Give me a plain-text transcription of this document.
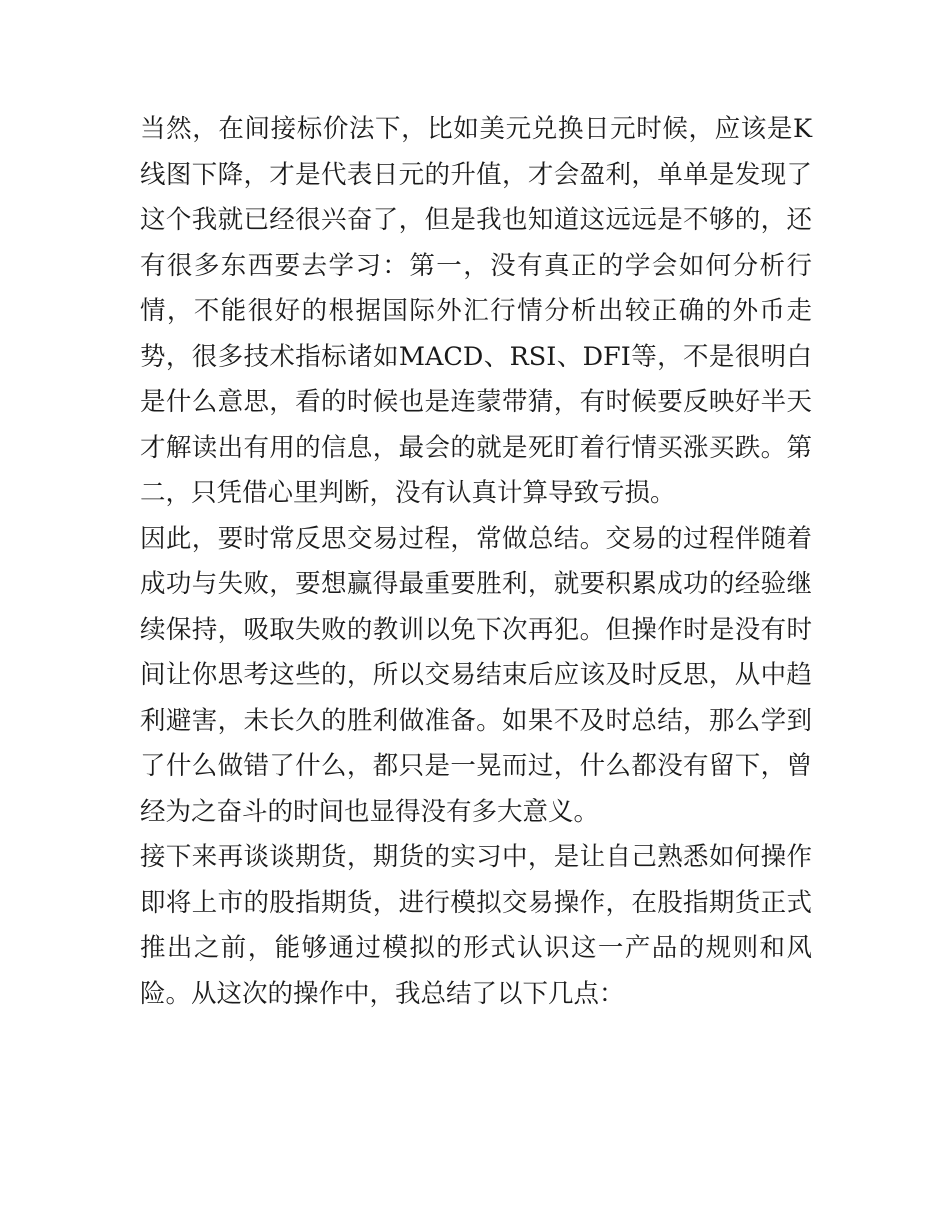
当然，在间接标价法下，比如美元兑换日元时候，应该是K线图下降，才是代表日元的升值，才会盈利，单单是发现了这个我就已经很兴奋了，但是我也知道这远远是不够的，还有很多东西要去学习：第一，没有真正的学会如何分析行情，不能很好的根据国际外汇行情分析出较正确的外币走势，很多技术指标诸如MACD、RSI、DFI等，不是很明白是什么意思，看的时候也是连蒙带猜，有时候要反映好半天才解读出有用的信息，最会的就是死盯着行情买涨买跌。第二，只凭借心里判断，没有认真计算导致亏损。

因此，要时常反思交易过程，常做总结。交易的过程伴随着成功与失败，要想赢得最重要胜利，就要积累成功的经验继续保持，吸取失败的教训以免下次再犯。但操作时是没有时间让你思考这些的，所以交易结束后应该及时反思，从中趋利避害，未长久的胜利做准备。如果不及时总结，那么学到了什么做错了什么，都只是一晃而过，什么都没有留下，曾经为之奋斗的时间也显得没有多大意义。

接下来再谈谈期货，期货的实习中，是让自己熟悉如何操作即将上市的股指期货，进行模拟交易操作，在股指期货正式推出之前，能够通过模拟的形式认识这一产品的规则和风险。从这次的操作中，我总结了以下几点：
